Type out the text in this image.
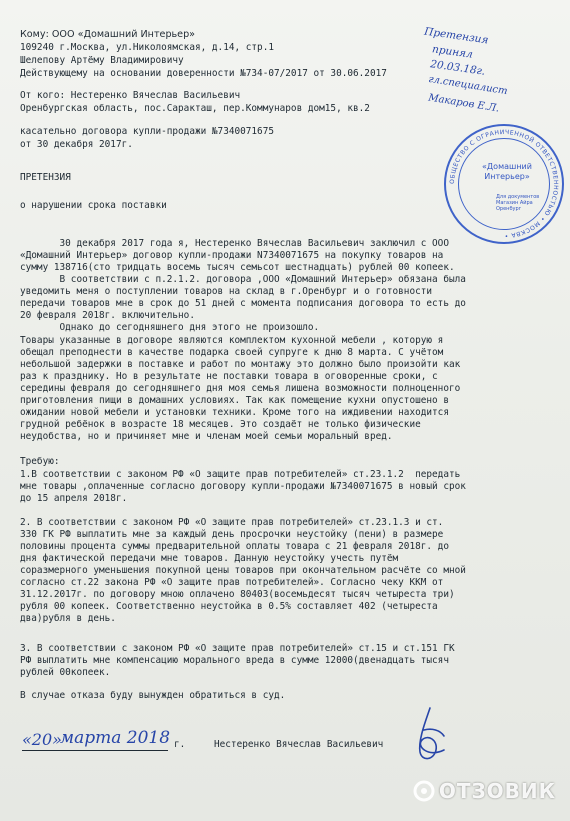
Кому: ООО «Домашний Интерьер»
109240 г.Москва, ул.Николоямская, д.14, стр.1
Шелепову Артёму Владимировичу
Действующему на основании доверенности №734-07/2017 от 30.06.2017
От кого: Нестеренко Вячеслав Васильевич
Оренбургская область, пос.Саракташ, пер.Коммунаров дом15, кв.2
касательно договора купли-продажи №7340071675
от 30 декабря 2017г.
ПРЕТЕНЗИЯ
о нарушении срока поставки
30 декабря 2017 года я, Нестеренко Вячеслав Васильевич заключил с ООО
«Домашний Интерьер» договор купли-продажи N7340071675 на покупку товаров на
сумму 138716(сто тридцать восемь тысяч семьсот шестнадцать) рублей 00 копеек.
В соответствии с п.2.1.2. договора ,ООО «Домашний Интерьер» обязана была
уведомить меня о поступлении товаров на склад в г.Оренбург и о готовности
передачи товаров мне в срок до 51 дней с момента подписания договора то есть до
20 февраля 2018г. включительно.
Однако до сегодняшнего дня этого не произошло.
Товары указанные в договоре являются комплектом кухонной мебели , которую я
обещал преподнести в качестве подарка своей супруге к дню 8 марта. С учётом
небольшой задержки в поставке и работ по монтажу это должно было произойти как
раз к празднику. Но в результате не поставки товара в оговоренные сроки, с
середины февраля до сегодняшнего дня моя семья лишена возможности полноценного
приготовления пищи в домашних условиях. Так как помещение кухни опустошено в
ожидании новой мебели и установки техники. Кроме того на иждивении находится
грудной ребёнок в возрасте 18 месяцев. Это создаёт не только физические
неудобства, но и причиняет мне и членам моей семьи моральный вред.
Требую:
1.В соответствии с законом РФ «О защите прав потребителей» ст.23.1.2  передать
мне товары ,оплаченные согласно договору купли-продажи №7340071675 в новый срок
до 15 апреля 2018г.
2. В соответствии с законом РФ «О защите прав потребителей» ст.23.1.3 и ст.
330 ГК РФ выплатить мне за каждый день просрочки неустойку (пени) в размере
половины процента суммы предварительной оплаты товара с 21 февраля 2018г. до
дня фактической передачи мне товаров. Данную неустойку учесть путём
соразмерного уменьшения покупной цены товаров при окончательном расчёте со мной
согласно ст.22 закона РФ «О защите прав потребителей». Согласно чеку ККМ от
31.12.2017г. по договору мною оплачено 80403(восемьдесят тысяч четыреста три)
рубля 00 копеек. Соответственно неустойка в 0.5% составляет 402 (четыреста
два)рубля в день.
3. В соответствии с законом РФ «О защите прав потребителей» ст.15 и ст.151 ГК
РФ выплатить мне компенсацию морального вреда в сумме 12000(двенадцать тысяч
рублей 00копеек.
В случае отказа буду вынужден обратиться в суд.
«20»
марта 2018 г.	Нестеренко Вячеслав Васильевич
Претензия
принял
20.03.18г.
гл.специалист
Макаров Е.Л.
ОБЩЕСТВО С ОГРАНИЧЕННОЙ ОТВЕТСТВЕННОСТЬЮ • МОСКВА •
«Домашний Интерьер»
Для документов
Магазин Айра
Оренбург
ОТЗОВИК
